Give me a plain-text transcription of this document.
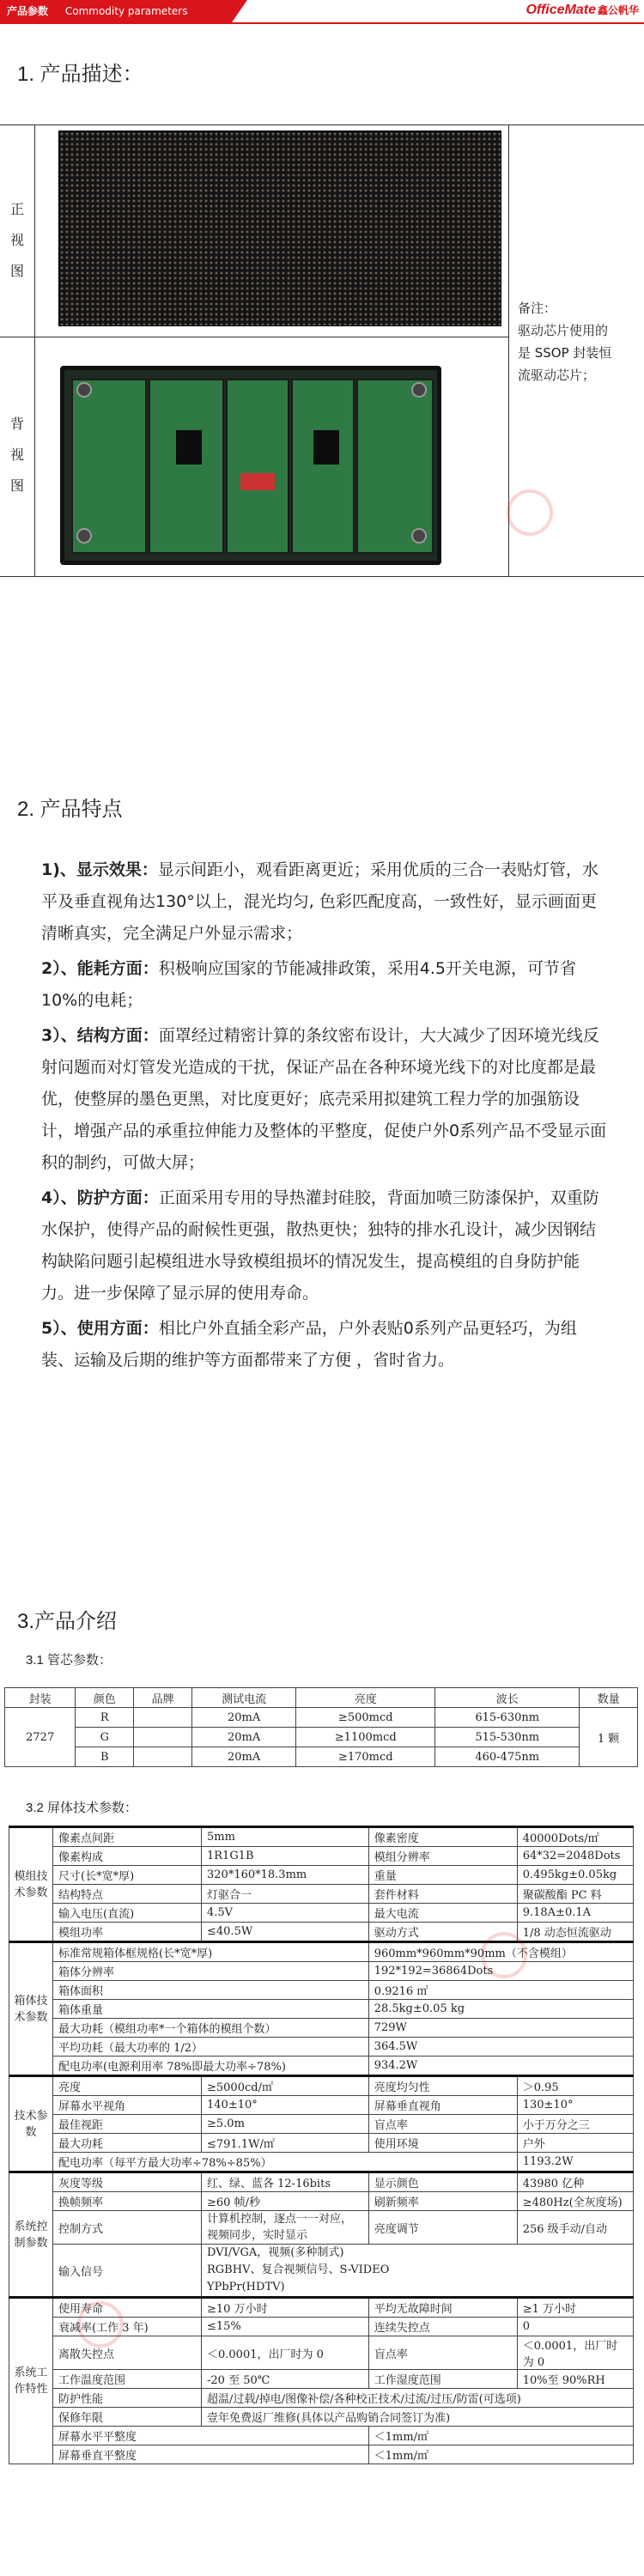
产品参数 Commodity parameters	OfficeMate 鑫公帆华
1. 产品描述：
正视图
背视图
备注：
驱动芯片使用的
是 SSOP 封装恒
流驱动芯片；
2. 产品特点

1)、显示效果：显示间距小，观看距离更近；采用优质的三合一表贴灯管，水平及垂直视角达130°以上，混光均匀, 色彩匹配度高，一致性好，显示画面更清晰真实，完全满足户外显示需求；

2）、能耗方面：积极响应国家的节能减排政策，采用4.5开关电源，可节省10%的电耗；

3）、结构方面：面罩经过精密计算的条纹密布设计，大大减少了因环境光线反射问题而对灯管发光造成的干扰，保证产品在各种环境光线下的对比度都是最优，使整屏的墨色更黑，对比度更好；底壳采用拟建筑工程力学的加强筋设计，增强产品的承重拉伸能力及整体的平整度，促使户外0系列产品不受显示面积的制约，可做大屏；

4）、防护方面：正面采用专用的导热灌封硅胶，背面加喷三防漆保护，双重防水保护，使得产品的耐候性更强，散热更快；独特的排水孔设计，减少因钢结构缺陷问题引起模组进水导致模组损坏的情况发生，提高模组的自身防护能力。进一步保障了显示屏的使用寿命。

5）、使用方面：相比户外直插全彩产品，户外表贴0系列产品更轻巧，为组装、运输及后期的维护等方面都带来了方便 ，省时省力。

3.产品介绍
3.1 管芯参数：
封装	颜色	品牌	测试电流	亮度	波长	数量
2727	R		20mA	≥500mcd	615-630nm	1 颗
	G		20mA	≥1100mcd	515-530nm	
	B		20mA	≥170mcd	460-475nm	
3.2 屏体技术参数：
模组技术参数	像素点间距	5mm	像素密度	40000Dots/㎡
	像素构成	1R1G1B	模组分辨率	64*32=2048Dots
	尺寸(长*宽*厚)	320*160*18.3mm	重量	0.495kg±0.05kg
	结构特点	灯驱合一	套件材料	聚碳酸酯 PC 料
	输入电压(直流)	4.5V	最大电流	9.18A±0.1A
	模组功率	≤40.5W	驱动方式	1/8 动态恒流驱动
箱体技术参数	标准常规箱体框规格(长*宽*厚)		960mm*960mm*90mm（不含模组）	
	箱体分辨率		192*192=36864Dots	
	箱体面积		0.9216 ㎡	
	箱体重量		28.5kg±0.05 kg	
	最大功耗（模组功率*一个箱体的模组个数）		729W	
	平均功耗（最大功率的 1/2）		364.5W	
	配电功率(电源利用率 78%即最大功率÷78%)		934.2W	
技术参数	亮度	≥5000cd/㎡	亮度均匀性	＞0.95
	屏幕水平视角	140±10°	屏幕垂直视角	130±10°
	最佳视距	≥5.0m	盲点率	小于万分之三
	最大功耗	≤791.1W/㎡	使用环境	户外
	配电功率（每平方最大功率÷78%÷85%）			1193.2W
系统控制参数	灰度等级	红、绿、蓝各 12-16bits	显示颜色	43980 亿种
	换帧频率	≥60 帧/秒	刷新频率	≥480Hz(全灰度场)
	控制方式	计算机控制，逐点一一对应，视频同步，实时显示	亮度调节	256 级手动/自动
	输入信号	DVI/VGA，视频(多种制式)
RGBHV、复合视频信号、S-VIDEO
YPbPr(HDTV)		

系统工作特性	使用寿命	≥10 万小时	平均无故障时间	≥1 万小时
	衰减率(工作 3 年)	≤15%	连续失控点	0
	离散失控点	＜0.0001，出厂时为 0	盲点率	＜0.0001，出厂时为 0
	工作温度范围	-20 至 50℃	工作湿度范围	10%至 90%RH
	防护性能	超温/过载/掉电/图像补偿/各种校正技术/过流/过压/防雷(可选项)		
	保修年限	壹年免费返厂维修(具体以产品购销合同签订为准)		
	屏幕水平平整度		＜1mm/㎡	
	屏幕垂直平整度		＜1mm/㎡	
